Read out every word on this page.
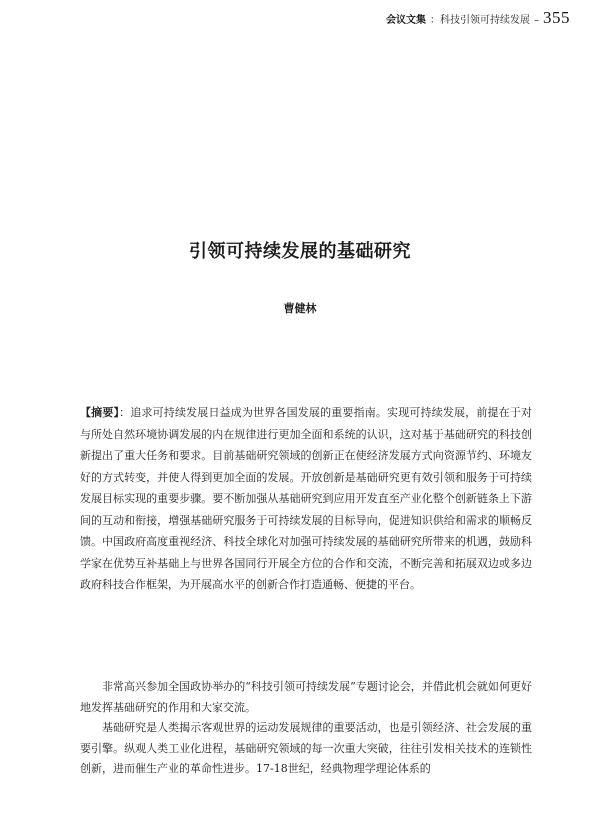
会议文集 ：科技引领可持续发展 – 355
引领可持续发展的基础研究
曹健林
【摘要】：追求可持续发展日益成为世界各国发展的重要指南。实现可持续发展，前提在于对与所处自然环境协调发展的内在规律进行更加全面和系统的认识，这对基于基础研究的科技创新提出了重大任务和要求。目前基础研究领域的创新正在使经济发展方式向资源节约、环境友好的方式转变，并使人得到更加全面的发展。开放创新是基础研究更有效引领和服务于可持续发展目标实现的重要步骤。要不断加强从基础研究到应用开发直至产业化整个创新链条上下游间的互动和衔接，增强基础研究服务于可持续发展的目标导向，促进知识供给和需求的顺畅反馈。中国政府高度重视经济、科技全球化对加强可持续发展的基础研究所带来的机遇，鼓励科学家在优势互补基础上与世界各国同行开展全方位的合作和交流，不断完善和拓展双边或多边政府科技合作框架，为开展高水平的创新合作打造通畅、便捷的平台。

非常高兴参加全国政协举办的“科技引领可持续发展”专题讨论会，并借此机会就如何更好地发挥基础研究的作用和大家交流。

基础研究是人类揭示客观世界的运动发展规律的重要活动，也是引领经济、社会发展的重要引擎。纵观人类工业化进程，基础研究领域的每一次重大突破，往往引发相关技术的连锁性创新，进而催生产业的革命性进步。17-18世纪，经典物理学理论体系的
